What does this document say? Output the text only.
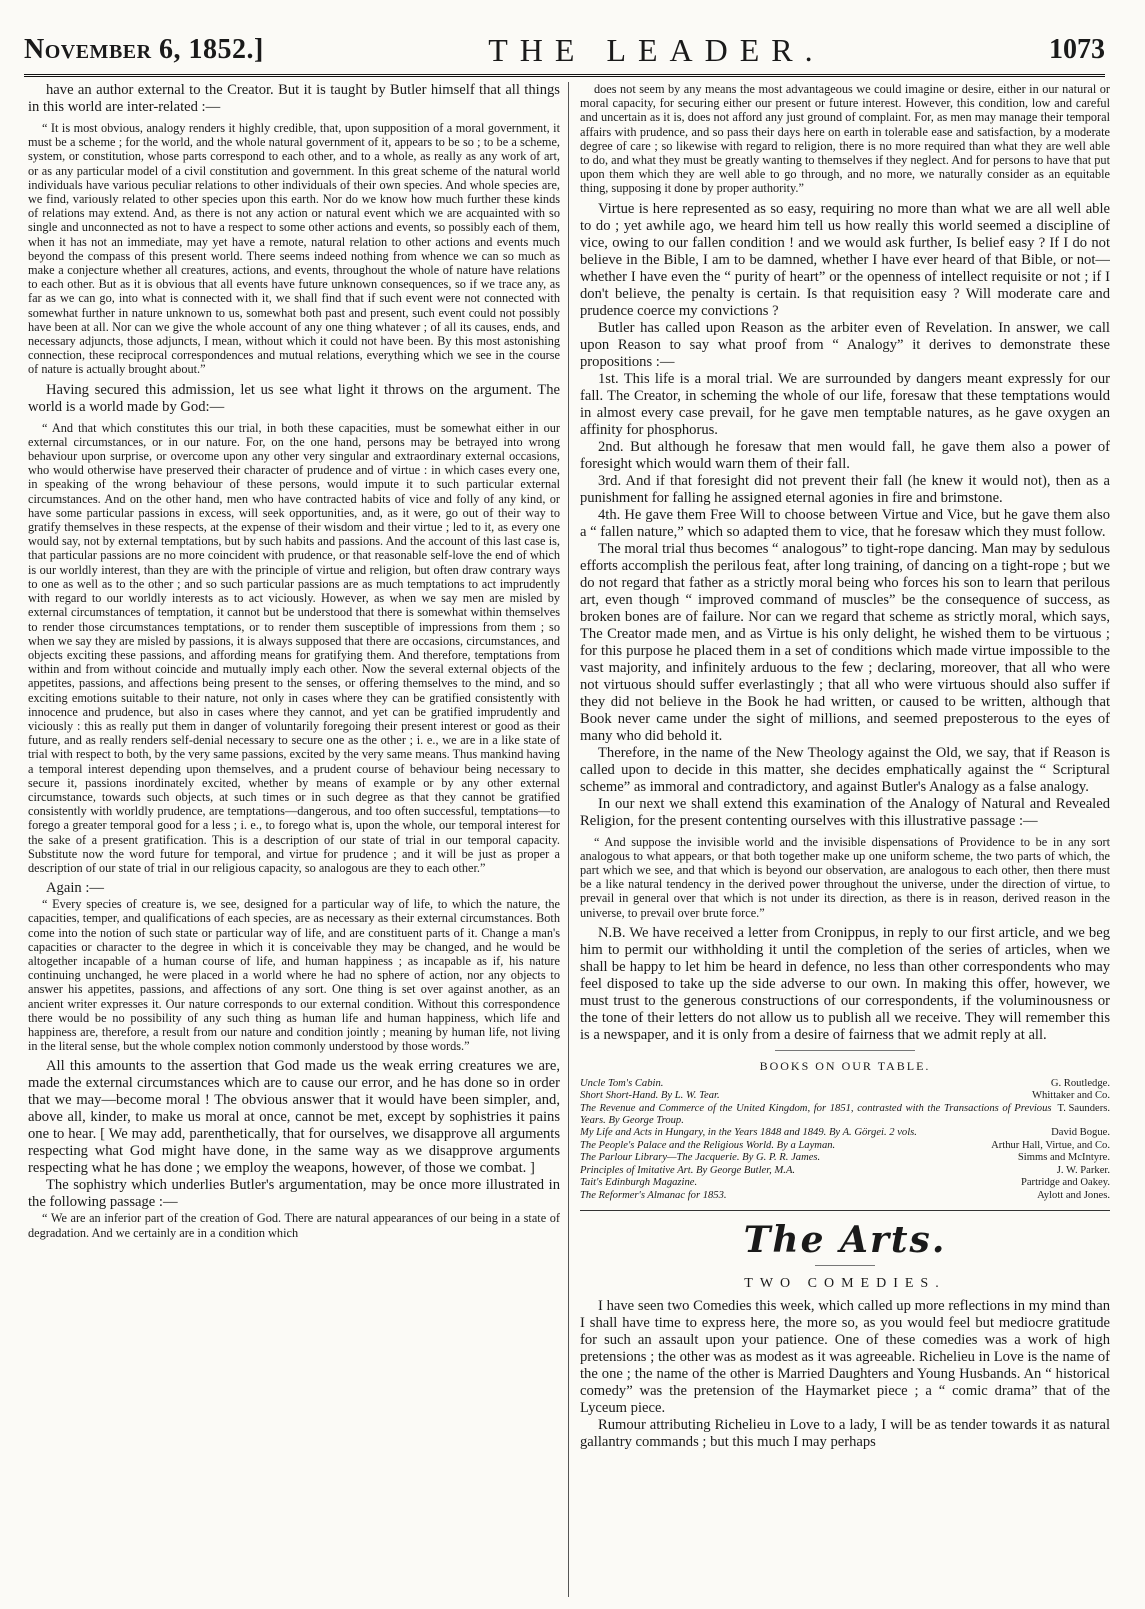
November 6, 1852.]	THE LEADER.	1073

have an author external to the Creator. But it is taught by Butler himself that all things in this world are inter-related :—

“ It is most obvious, analogy renders it highly credible, that, upon supposition of a moral government, it must be a scheme ; for the world, and the whole natural government of it, appears to be so ; to be a scheme, system, or constitution, whose parts correspond to each other, and to a whole, as really as any work of art, or as any particular model of a civil constitution and government. In this great scheme of the natural world individuals have various peculiar relations to other individuals of their own species. And whole species are, we find, variously related to other species upon this earth. Nor do we know how much further these kinds of relations may extend. And, as there is not any action or natural event which we are acquainted with so single and unconnected as not to have a respect to some other actions and events, so possibly each of them, when it has not an immediate, may yet have a remote, natural relation to other actions and events much beyond the compass of this present world. There seems indeed nothing from whence we can so much as make a conjecture whether all creatures, actions, and events, throughout the whole of nature have relations to each other. But as it is obvious that all events have future unknown consequences, so if we trace any, as far as we can go, into what is connected with it, we shall find that if such event were not connected with somewhat further in nature unknown to us, somewhat both past and present, such event could not possibly have been at all. Nor can we give the whole account of any one thing whatever ; of all its causes, ends, and necessary adjuncts, those adjuncts, I mean, without which it could not have been. By this most astonishing connection, these reciprocal correspondences and mutual relations, everything which we see in the course of nature is actually brought about.”

Having secured this admission, let us see what light it throws on the argument. The world is a world made by God:—

“ And that which constitutes this our trial, in both these capacities, must be somewhat either in our external circumstances, or in our nature. For, on the one hand, persons may be betrayed into wrong behaviour upon surprise, or overcome upon any other very singular and extraordinary external occasions, who would otherwise have preserved their character of prudence and of virtue : in which cases every one, in speaking of the wrong behaviour of these persons, would impute it to such particular external circumstances. And on the other hand, men who have contracted habits of vice and folly of any kind, or have some particular passions in excess, will seek opportunities, and, as it were, go out of their way to gratify themselves in these respects, at the expense of their wisdom and their virtue ; led to it, as every one would say, not by external temptations, but by such habits and passions. And the account of this last case is, that particular passions are no more coincident with prudence, or that reasonable self-love the end of which is our worldly interest, than they are with the principle of virtue and religion, but often draw contrary ways to one as well as to the other ; and so such particular passions are as much temptations to act imprudently with regard to our worldly interests as to act viciously. However, as when we say men are misled by external circumstances of temptation, it cannot but be understood that there is somewhat within themselves to render those circumstances temptations, or to render them susceptible of impressions from them ; so when we say they are misled by passions, it is always supposed that there are occasions, circumstances, and objects exciting these passions, and affording means for gratifying them. And therefore, temptations from within and from without coincide and mutually imply each other. Now the several external objects of the appetites, passions, and affections being present to the senses, or offering themselves to the mind, and so exciting emotions suitable to their nature, not only in cases where they can be gratified consistently with innocence and prudence, but also in cases where they cannot, and yet can be gratified imprudently and viciously : this as really put them in danger of voluntarily foregoing their present interest or good as their future, and as really renders self-denial necessary to secure one as the other ; i. e., we are in a like state of trial with respect to both, by the very same passions, excited by the very same means. Thus mankind having a temporal interest depending upon themselves, and a prudent course of behaviour being necessary to secure it, passions inordinately excited, whether by means of example or by any other external circumstance, towards such objects, at such times or in such degree as that they cannot be gratified consistently with worldly prudence, are temptations—dangerous, and too often successful, temptations—to forego a greater temporal good for a less ; i. e., to forego what is, upon the whole, our temporal interest for the sake of a present gratification. This is a description of our state of trial in our temporal capacity. Substitute now the word future for temporal, and virtue for prudence ; and it will be just as proper a description of our state of trial in our religious capacity, so analogous are they to each other.”

Again :—

“ Every species of creature is, we see, designed for a particular way of life, to which the nature, the capacities, temper, and qualifications of each species, are as necessary as their external circumstances. Both come into the notion of such state or particular way of life, and are constituent parts of it. Change a man's capacities or character to the degree in which it is conceivable they may be changed, and he would be altogether incapable of a human course of life, and human happiness ; as incapable as if, his nature continuing unchanged, he were placed in a world where he had no sphere of action, nor any objects to answer his appetites, passions, and affections of any sort. One thing is set over against another, as an ancient writer expresses it. Our nature corresponds to our external condition. Without this correspondence there would be no possibility of any such thing as human life and human happiness, which life and happiness are, therefore, a result from our nature and condition jointly ; meaning by human life, not living in the literal sense, but the whole complex notion commonly understood by those words.”

All this amounts to the assertion that God made us the weak erring creatures we are, made the external circumstances which are to cause our error, and he has done so in order that we may—become moral ! The obvious answer that it would have been simpler, and, above all, kinder, to make us moral at once, cannot be met, except by sophistries it pains one to hear. [ We may add, parenthetically, that for ourselves, we disapprove all arguments respecting what God might have done, in the same way as we disapprove arguments respecting what he has done ; we employ the weapons, however, of those we combat. ]

The sophistry which underlies Butler's argumentation, may be once more illustrated in the following passage :—

“ We are an inferior part of the creation of God. There are natural appearances of our being in a state of degradation. And we certainly are in a condition which

does not seem by any means the most advantageous we could imagine or desire, either in our natural or moral capacity, for securing either our present or future interest. However, this condition, low and careful and uncertain as it is, does not afford any just ground of complaint. For, as men may manage their temporal affairs with prudence, and so pass their days here on earth in tolerable ease and satisfaction, by a moderate degree of care ; so likewise with regard to religion, there is no more required than what they are well able to do, and what they must be greatly wanting to themselves if they neglect. And for persons to have that put upon them which they are well able to go through, and no more, we naturally consider as an equitable thing, supposing it done by proper authority.”

Virtue is here represented as so easy, requiring no more than what we are all well able to do ; yet awhile ago, we heard him tell us how really this world seemed a discipline of vice, owing to our fallen condition ! and we would ask further, Is belief easy ? If I do not believe in the Bible, I am to be damned, whether I have ever heard of that Bible, or not—whether I have even the “ purity of heart” or the openness of intellect requisite or not ; if I don't believe, the penalty is certain. Is that requisition easy ? Will moderate care and prudence coerce my convictions ?

Butler has called upon Reason as the arbiter even of Revelation. In answer, we call upon Reason to say what proof from “ Analogy” it derives to demonstrate these propositions :—

1st. This life is a moral trial. We are surrounded by dangers meant expressly for our fall. The Creator, in scheming the whole of our life, foresaw that these temptations would in almost every case prevail, for he gave men temptable natures, as he gave oxygen an affinity for phosphorus.

2nd. But although he foresaw that men would fall, he gave them also a power of foresight which would warn them of their fall.

3rd. And if that foresight did not prevent their fall (he knew it would not), then as a punishment for falling he assigned eternal agonies in fire and brimstone.

4th. He gave them Free Will to choose between Virtue and Vice, but he gave them also a “ fallen nature,” which so adapted them to vice, that he foresaw which they must follow.

The moral trial thus becomes “ analogous” to tight-rope dancing. Man may by sedulous efforts accomplish the perilous feat, after long training, of dancing on a tight-rope ; but we do not regard that father as a strictly moral being who forces his son to learn that perilous art, even though “ improved command of muscles” be the consequence of success, as broken bones are of failure. Nor can we regard that scheme as strictly moral, which says, The Creator made men, and as Virtue is his only delight, he wished them to be virtuous ; for this purpose he placed them in a set of conditions which made virtue impossible to the vast majority, and infinitely arduous to the few ; declaring, moreover, that all who were not virtuous should suffer everlastingly ; that all who were virtuous should also suffer if they did not believe in the Book he had written, or caused to be written, although that Book never came under the sight of millions, and seemed preposterous to the eyes of many who did behold it.

Therefore, in the name of the New Theology against the Old, we say, that if Reason is called upon to decide in this matter, she decides emphatically against the “ Scriptural scheme” as immoral and contradictory, and against Butler's Analogy as a false analogy.

In our next we shall extend this examination of the Analogy of Natural and Revealed Religion, for the present contenting ourselves with this illustrative passage :—

“ And suppose the invisible world and the invisible dispensations of Providence to be in any sort analogous to what appears, or that both together make up one uniform scheme, the two parts of which, the part which we see, and that which is beyond our observation, are analogous to each other, then there must be a like natural tendency in the derived power throughout the universe, under the direction of virtue, to prevail in general over that which is not under its direction, as there is in reason, derived reason in the universe, to prevail over brute force.”

N.B. We have received a letter from Cronippus, in reply to our first article, and we beg him to permit our withholding it until the completion of the series of articles, when we shall be happy to let him be heard in defence, no less than other correspondents who may feel disposed to take up the side adverse to our own. In making this offer, however, we must trust to the generous constructions of our correspondents, if the voluminousness or the tone of their letters do not allow us to publish all we receive. They will remember this is a newspaper, and it is only from a desire of fairness that we admit reply at all.

BOOKS ON OUR TABLE.
Uncle Tom's Cabin.	G. Routledge.
Short Short-Hand. By L. W. Tear.	Whittaker and Co.
The Revenue and Commerce of the United Kingdom, for 1851, contrasted with the Transactions of Previous Years. By George Troup.
T. Saunders.
My Life and Acts in Hungary, in the Years 1848 and 1849. By A. Görgei. 2 vols.	David Bogue.
The People's Palace and the Religious World. By a Layman.	Arthur Hall, Virtue, and Co.
The Parlour Library—The Jacquerie. By G. P. R. James.	Simms and McIntyre.
Principles of Imitative Art. By George Butler, M.A.	J. W. Parker.
Tait's Edinburgh Magazine.	Partridge and Oakey.
The Reformer's Almanac for 1853.	Aylott and Jones.
The Arts.
TWO COMEDIES.

I have seen two Comedies this week, which called up more reflections in my mind than I shall have time to express here, the more so, as you would feel but mediocre gratitude for such an assault upon your patience. One of these comedies was a work of high pretensions ; the other was as modest as it was agreeable. Richelieu in Love is the name of the one ; the name of the other is Married Daughters and Young Husbands. An “ historical comedy” was the pretension of the Haymarket piece ; a “ comic drama” that of the Lyceum piece.

Rumour attributing Richelieu in Love to a lady, I will be as tender towards it as natural gallantry commands ; but this much I may perhaps
